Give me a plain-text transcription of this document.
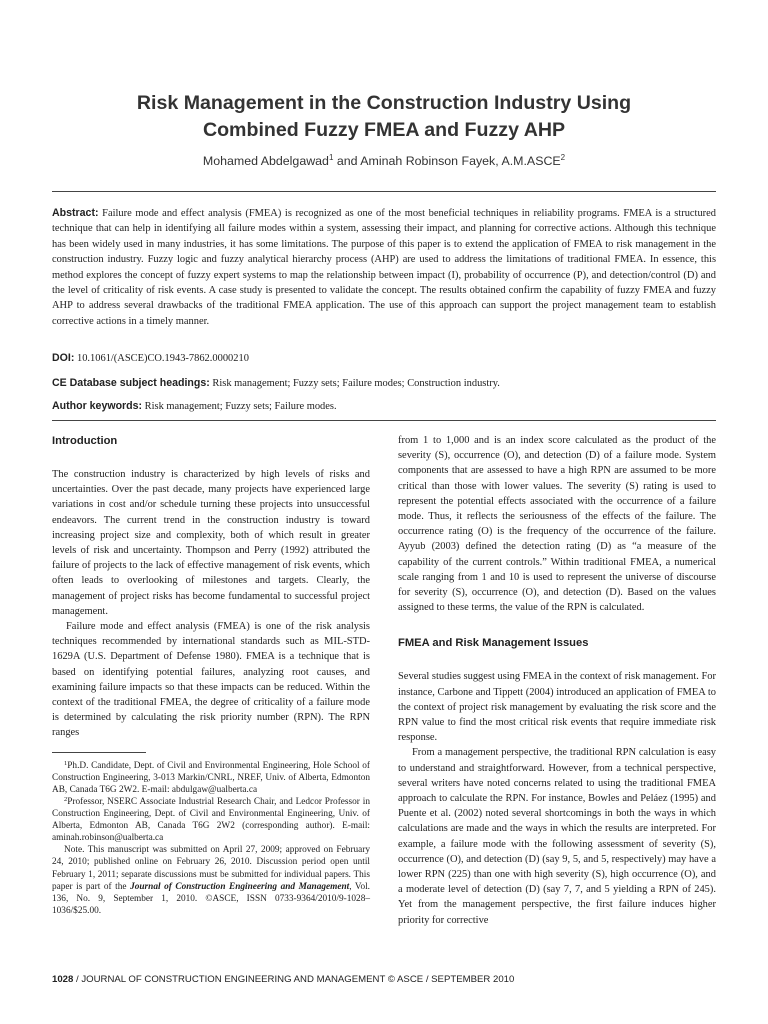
Risk Management in the Construction Industry Using
Combined Fuzzy FMEA and Fuzzy AHP

Mohamed Abdelgawad$^1$ and Aminah Robinson Fayek, A.M.ASCE$^2$

Abstract: Failure mode and effect analysis (FMEA) is recognized as one of the most beneficial techniques in reliability programs. FMEA is a structured technique that can help in identifying all failure modes within a system, assessing their impact, and planning for corrective actions. Although this technique has been widely used in many industries, it has some limitations. The purpose of this paper is to extend the application of FMEA to risk management in the construction industry. Fuzzy logic and fuzzy analytical hierarchy process (AHP) are used to address the limitations of traditional FMEA. In essence, this method explores the concept of fuzzy expert systems to map the relationship between impact (I), probability of occurrence (P), and detection/control (D) and the level of criticality of risk events. A case study is presented to validate the concept. The results obtained confirm the capability of fuzzy FMEA and fuzzy AHP to address several drawbacks of the traditional FMEA application. The use of this approach can support the project management team to establish corrective actions in a timely manner.

DOI: 10.1061/(ASCE)CO.1943-7862.0000210

CE Database subject headings: Risk management; Fuzzy sets; Failure modes; Construction industry.

Author keywords: Risk management; Fuzzy sets; Failure modes.

Introduction

The construction industry is characterized by high levels of risks and uncertainties. Over the past decade, many projects have experienced large variations in cost and/or schedule turning these projects into unsuccessful endeavors. The current trend in the construction industry is toward increasing project size and complexity, both of which result in greater levels of risk and uncertainty. Thompson and Perry (1992) attributed the failure of projects to the lack of effective management of risk events, which often leads to overlooking of milestones and targets. Clearly, the management of project risks has become fundamental to successful project management.

Failure mode and effect analysis (FMEA) is one of the risk analysis techniques recommended by international standards such as MIL-STD-1629A (U.S. Department of Defense 1980). FMEA is a technique that is based on identifying potential failures, analyzing root causes, and examining failure impacts so that these impacts can be reduced. Within the context of the traditional FMEA, the degree of criticality of a failure mode is determined by calculating the risk priority number (RPN). The RPN ranges

$^1$Ph.D. Candidate, Dept. of Civil and Environmental Engineering, Hole School of Construction Engineering, 3-013 Markin/CNRL, NREF, Univ. of Alberta, Edmonton AB, Canada T6G 2W2. E-mail: abdulgaw@ualberta.ca

$^2$Professor, NSERC Associate Industrial Research Chair, and Ledcor Professor in Construction Engineering, Dept. of Civil and Environmental Engineering, Univ. of Alberta, Edmonton AB, Canada T6G 2W2 (corresponding author). E-mail: aminah.robinson@ualberta.ca

Note. This manuscript was submitted on April 27, 2009; approved on February 24, 2010; published online on February 26, 2010. Discussion period open until February 1, 2011; separate discussions must be submitted for individual papers. This paper is part of the Journal of Construction Engineering and Management, Vol. 136, No. 9, September 1, 2010. ©ASCE, ISSN 0733-9364/2010/9-1028–1036/$25.00.

from 1 to 1,000 and is an index score calculated as the product of the severity (S), occurrence (O), and detection (D) of a failure mode. System components that are assessed to have a high RPN are assumed to be more critical than those with lower values. The severity (S) rating is used to represent the potential effects associated with the occurrence of a failure mode. Thus, it reflects the seriousness of the effects of the failure. The occurrence rating (O) is the frequency of the occurrence of the failure. Ayyub (2003) defined the detection rating (D) as “a measure of the capability of the current controls.” Within traditional FMEA, a numerical scale ranging from 1 and 10 is used to represent the universe of discourse for severity (S), occurrence (O), and detection (D). Based on the values assigned to these terms, the value of the RPN is calculated.

FMEA and Risk Management Issues

Several studies suggest using FMEA in the context of risk management. For instance, Carbone and Tippett (2004) introduced an application of FMEA to the context of project risk management by evaluating the risk score and the RPN value to find the most critical risk events that require immediate risk response.

From a management perspective, the traditional RPN calculation is easy to understand and straightforward. However, from a technical perspective, several writers have noted concerns related to using the traditional FMEA approach to calculate the RPN. For instance, Bowles and Peláez (1995) and Puente et al. (2002) noted several shortcomings in both the ways in which calculations are made and the ways in which the results are interpreted. For example, a failure mode with the following assessment of severity (S), occurrence (O), and detection (D) (say 9, 5, and 5, respectively) may have a lower RPN (225) than one with high severity (S), high occurrence (O), and a moderate level of detection (D) (say 7, 7, and 5 yielding a RPN of 245). Yet from the management perspective, the first failure induces higher priority for corrective

1028 / JOURNAL OF CONSTRUCTION ENGINEERING AND MANAGEMENT © ASCE / SEPTEMBER 2010
